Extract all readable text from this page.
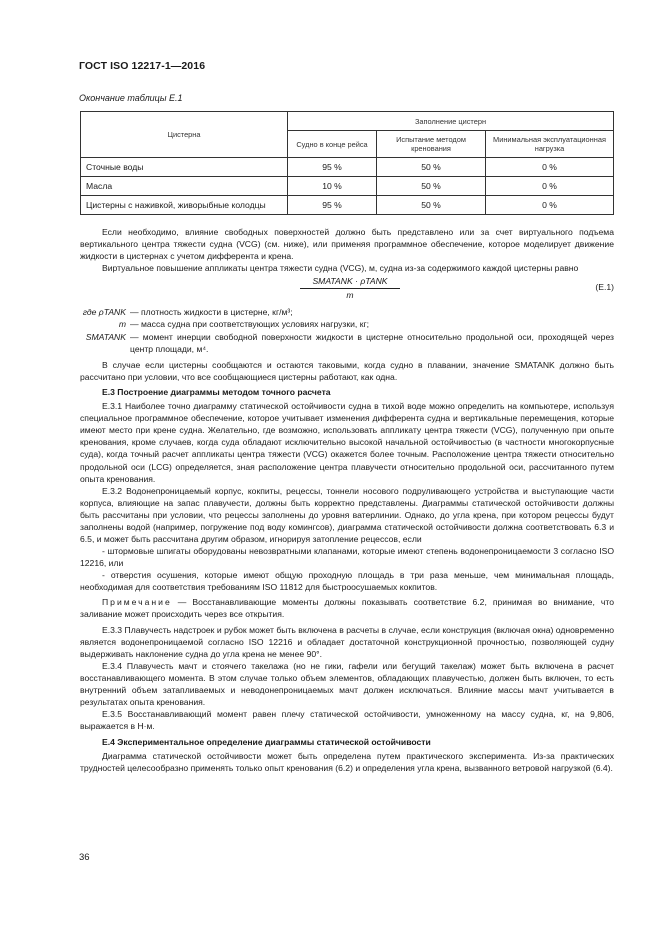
ГОСТ ISO 12217-1—2016
Окончание таблицы Е.1
Цистерна	Заполнение цистерн		
	Судно в конце рейса	Испытание методом кренования	Минимальная эксплуатационная нагрузка
Сточные воды	95 %	50 %	0 %
Масла	10 %	50 %	0 %
Цистерны с наживкой, живорыбные колодцы	95 %	50 %	0 %

Если необходимо, влияние свободных поверхностей должно быть представлено или за счет виртуального подъема вертикального центра тяжести судна (VCG) (см. ниже), или применяя программное обеспечение, которое моделирует движение жидкости в цистернах с учетом дифферента и крена.

Виртуальное повышение аппликаты центра тяжести судна (VCG), м, судна из-за содержимого каждой цистерны равно

SMATANK · ρTANK
m
(E.1)
где ρTANK — плотность жидкости в цистерне, кг/м³;
m — масса судна при соответствующих условиях нагрузки, кг;
SMATANK — момент инерции свободной поверхности жидкости в цистерне относительно продольной оси, проходящей через центр площади, м⁴.

В случае если цистерны сообщаются и остаются таковыми, когда судно в плавании, значение SMATANK должно быть рассчитано при условии, что все сообщающиеся цистерны работают, как одна.

Е.3 Построение диаграммы методом точного расчета

Е.3.1 Наиболее точно диаграмму статической остойчивости судна в тихой воде можно определить на компьютере, используя специальное программное обеспечение, которое учитывает изменения дифферента судна и вертикальные перемещения, которые имеют место при крене судна. Желательно, где возможно, использовать аппликату центра тяжести (VCG), полученную при опыте кренования, кроме случаев, когда суда обладают исключительно высокой начальной остойчивостью (в частности многокорпусные суда), когда точный расчет аппликаты центра тяжести (VCG) окажется более точным. Расположение центра тяжести относительно продольной оси (LCG) определяется, зная расположение центра плавучести относительно продольной оси, рассчитанного путем опыта кренования.

Е.3.2 Водонепроницаемый корпус, кокпиты, рецессы, тоннели носового подруливающего устройства и выступающие части корпуса, влияющие на запас плавучести, должны быть корректно представлены. Диаграммы статической остойчивости должны быть рассчитаны при условии, что рецессы заполнены до уровня ватерлинии. Однако, до угла крена, при котором рецессы будут заполнены водой (например, погружение под воду комингсов), диаграмма статической остойчивости должна соответствовать 6.3 и 6.5, и может быть рассчитана другим образом, игнорируя затопление рецессов, если

- штормовые шпигаты оборудованы невозвратными клапанами, которые имеют степень водонепроницаемости 3 согласно ISO 12216, или

- отверстия осушения, которые имеют общую проходную площадь в три раза меньше, чем минимальная площадь, необходимая для соответствия требованиям ISO 11812 для быстроосушаемых кокпитов.

Примечание — Восстанавливающие моменты должны показывать соответствие 6.2, принимая во внимание, что заливание может происходить через все открытия.

Е.3.3 Плавучесть надстроек и рубок может быть включена в расчеты в случае, если конструкция (включая окна) одновременно является водонепроницаемой согласно ISO 12216 и обладает достаточной конструкционной прочностью, позволяющей судну выдерживать наклонение судна до угла крена не менее 90°.

Е.3.4 Плавучесть мачт и стоячего такелажа (но не гики, гафели или бегущий такелаж) может быть включена в расчет восстанавливающего момента. В этом случае только объем элементов, обладающих плавучестью, должен быть включен, то есть внутренний объем затапливаемых и неводонепроницаемых мачт должен исключаться. Влияние массы мачт учитывается в результатах опыта кренования.

Е.3.5 Восстанавливающий момент равен плечу статической остойчивости, умноженному на массу судна, кг, на 9,806, выражается в Н·м.

Е.4 Экспериментальное определение диаграммы статической остойчивости

Диаграмма статической остойчивости может быть определена путем практического эксперимента. Из-за практических трудностей целесообразно применять только опыт кренования (6.2) и определения угла крена, вызванного ветровой нагрузкой (6.4).

36
